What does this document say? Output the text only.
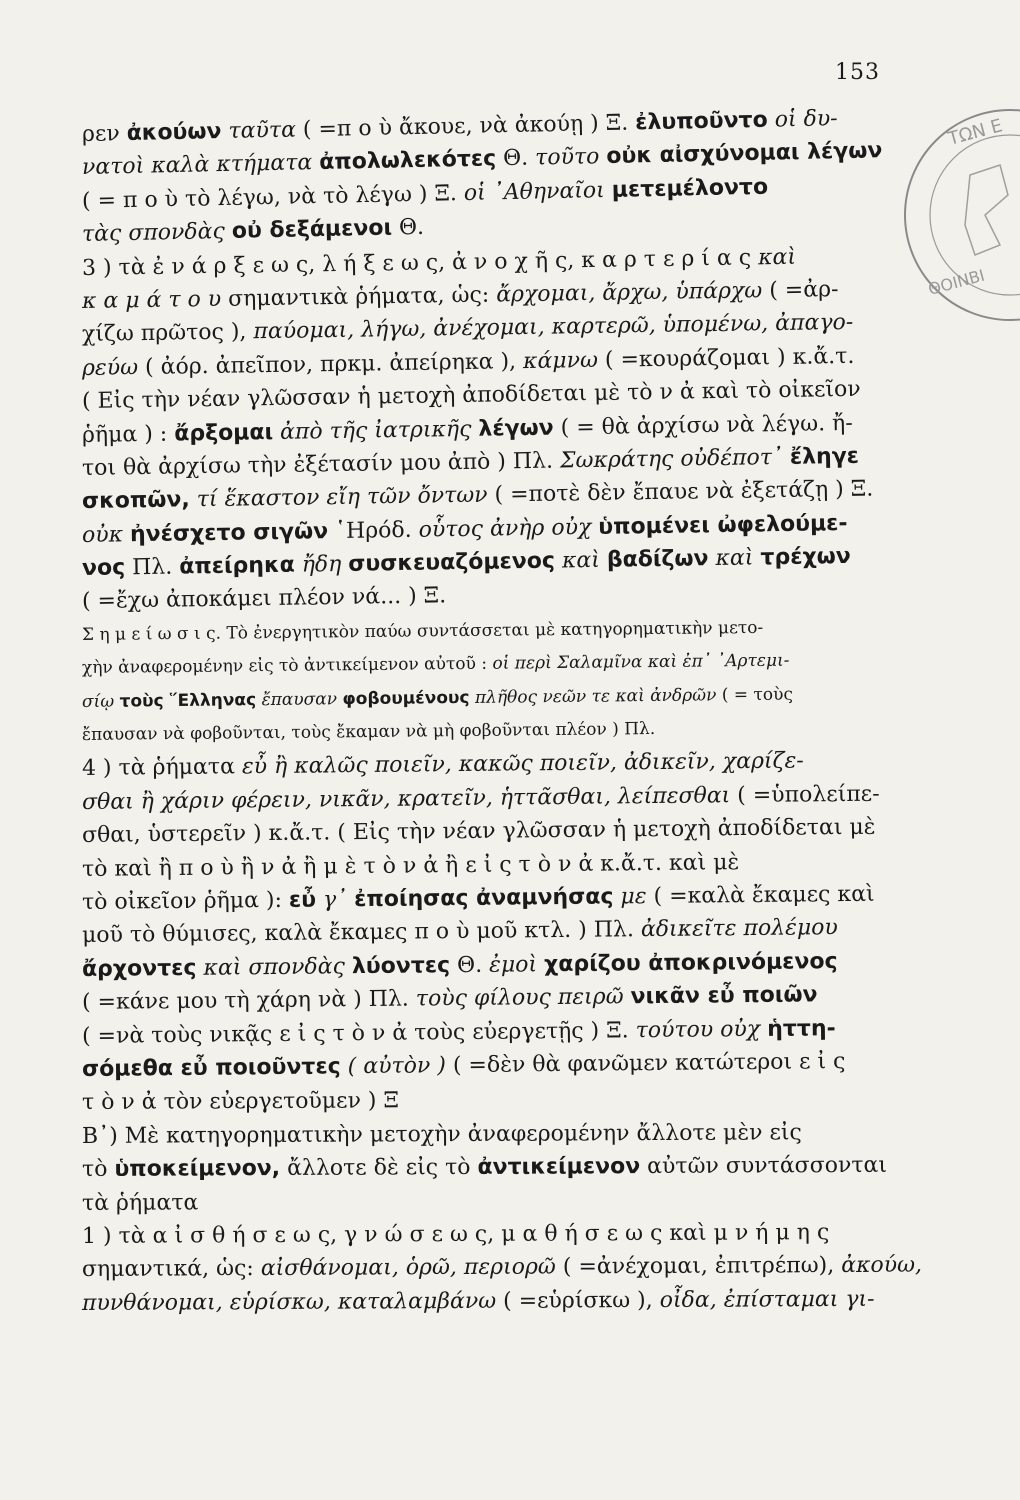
153
ΤΩΝ Ε
ΘΟΙΝΒΙ
ρεν ἀκούων ταῦτα ( =π ο ὺ ἄκουε, νὰ ἀκούῃ ) Ξ. ἐλυποῦντο οἱ δυ-
νατοὶ καλὰ κτήματα ἀπολωλεκότες Θ. τοῦτο οὐκ αἰσχύνομαι λέγων
( = π ο ὺ τὸ λέγω, νὰ τὸ λέγω ) Ξ. οἱ ᾿Αθηναῖοι μετεμέλοντο
τὰς σπονδὰς οὐ δεξάμενοι Θ.
3 ) τὰ ἐ ν ά ρ ξ ε ω ς, λ ή ξ ε ω ς, ἀ ν ο χ ῆ ς, κ α ρ τ ε ρ ί α ς καὶ
κ α μ ά τ ο υ σημαντικὰ ῥήματα, ὡς: ἄρχομαι, ἄρχω, ὑπάρχω ( =ἀρ-
χίζω πρῶτος ), παύομαι, λήγω, ἀνέχομαι, καρτερῶ, ὑπομένω, ἀπαγο-
ρεύω ( ἀόρ. ἀπεῖπον, πρκμ. ἀπείρηκα ), κάμνω ( =κουράζομαι ) κ.ἄ.τ.
( Εἰς τὴν νέαν γλῶσσαν ἡ μετοχὴ ἀποδίδεται μὲ τὸ ν ἀ καὶ τὸ οἰκεῖον
ῥῆμα ) : ἄρξομαι ἀπὸ τῆς ἰατρικῆς λέγων ( = θὰ ἀρχίσω νὰ λέγω. ἤ-
τοι θὰ ἀρχίσω τὴν ἐξέτασίν μου ἀπὸ ) Πλ. Σωκράτης οὐδέποτ᾿ ἔληγε
σκοπῶν, τί ἕκαστον εἴη τῶν ὄντων ( =ποτὲ δὲν ἔπαυε νὰ ἐξετάζῃ ) Ξ.
οὐκ ἠνέσχετο σιγῶν ῾Ηρόδ. οὗτος ἀνὴρ οὐχ ὑπομένει ὠφελούμε-
νος Πλ. ἀπείρηκα ἤδη συσκευαζόμενος καὶ βαδίζων καὶ τρέχων
( =ἔχω ἀποκάμει πλέον νά... ) Ξ.
Σ η μ ε ί ω σ ι ς. Τὸ ἐνεργητικὸν παύω συντάσσεται μὲ κατηγορηματικὴν μετο-
χὴν ἀναφερομένην εἰς τὸ ἀντικείμενον αὐτοῦ : οἱ περὶ Σαλαμῖνα καὶ ἐπ᾿ ᾿Αρτεμι-
σίῳ τοὺς ῞Ελληνας ἔπαυσαν φοβουμένους πλῆθος νεῶν τε καὶ ἀνδρῶν ( = τοὺς
ἔπαυσαν νὰ φοβοῦνται, τοὺς ἔκαμαν νὰ μὴ φοβοῦνται πλέον ) Πλ.
4 ) τὰ ῥήματα εὖ ἢ καλῶς ποιεῖν, κακῶς ποιεῖν, ἀδικεῖν, χαρίζε-
σθαι ἢ χάριν φέρειν, νικᾶν, κρατεῖν, ἡττᾶσθαι, λείπεσθαι ( =ὑπολείπε-
σθαι, ὑστερεῖν ) κ.ἄ.τ. ( Εἰς τὴν νέαν γλῶσσαν ἡ μετοχὴ ἀποδίδεται μὲ
τὸ καὶ ἢ π ο ὺ ἢ ν ἀ ἢ μ ὲ τ ὸ ν ἀ ἢ ε ἰ ς τ ὸ ν ἀ κ.ἄ.τ. καὶ μὲ
τὸ οἰκεῖον ῥῆμα ): εὖ γ᾿ ἐποίησας ἀναμνήσας με ( =καλὰ ἔκαμες καὶ
μοῦ τὸ θύμισες, καλὰ ἔκαμες π ο ὺ μοῦ κτλ. ) Πλ. ἀδικεῖτε πολέμου
ἄρχοντες καὶ σπονδὰς λύοντες Θ. ἐμοὶ χαρίζου ἀποκρινόμενος
( =κάνε μου τὴ χάρη νὰ ) Πλ. τοὺς φίλους πειρῶ νικᾶν εὖ ποιῶν
( =νὰ τοὺς νικᾷς ε ἰ ς τ ὸ ν ἀ τοὺς εὐεργετῇς ) Ξ. τούτου οὐχ ἡττη-
σόμεθα εὖ ποιοῦντες ( αὐτὸν ) ( =δὲν θὰ φανῶμεν κατώτεροι ε ἰ ς
τ ὸ ν ἀ τὸν εὐεργετοῦμεν ) Ξ
Β᾿) Μὲ κατηγορηματικὴν μετοχὴν ἀναφερομένην ἄλλοτε μὲν εἰς
τὸ ὑποκείμενον, ἄλλοτε δὲ εἰς τὸ ἀντικείμενον αὐτῶν συντάσσονται
τὰ ῥήματα
1 ) τὰ α ἰ σ θ ή σ ε ω ς, γ ν ώ σ ε ω ς, μ α θ ή σ ε ω ς καὶ μ ν ή μ η ς
σημαντικά, ὡς: αἰσθάνομαι, ὁρῶ, περιορῶ ( =ἀνέχομαι, ἐπιτρέπω), ἀκούω,
πυνθάνομαι, εὑρίσκω, καταλαμβάνω ( =εὑρίσκω ), οἶδα, ἐπίσταμαι γι-
